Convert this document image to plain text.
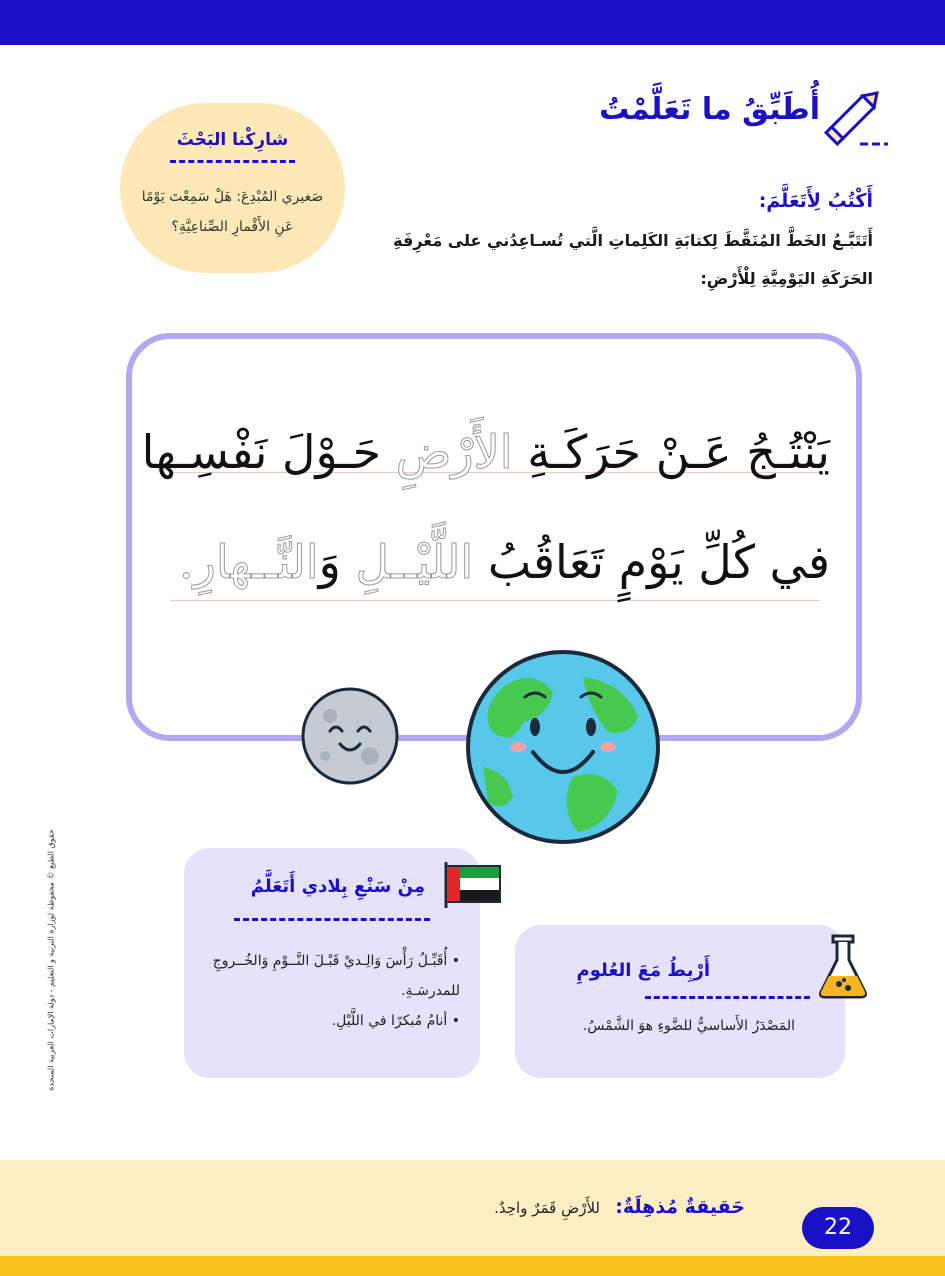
أُطَبِّقُ ما تَعَلَّمْتُ
شارِكْنا البَحْثَ
صَغيري المُبْدِعَ: هَلْ سَمِعْتَ يَوْمًا عَنِ الأَقْمارِ الصِّناعِيَّةِ؟
أَكْتُبُ لِأَتَعَلَّمَ:
أَتَتَبَّـعُ الخَطَّ المُنَقَّطَ لِكتابَةِ الكَلِماتِ الَّتي تُسـاعِدُني على مَعْرِفَةِ الحَرَكَةِ اليَوْمِيَّةِ لِلْأَرْضِ:
يَنْتُـجُ عَـنْ حَرَكَـةِ الأَرْضِ حَـوْلَ نَفْسِـها
في كُلِّ يَوْمٍ تَعَاقُبُ اللَّيْــلِ وَالنَّــهارِ.
حقوق الطبع © محفوظة لوزارة التربية و التعليم - دولة الإمارات العربية المتحدة	مِنْ سَنْعِ بِلادي أَتَعَلَّمُ
• أُقَبِّـلُ رَأْسَ وَالِـديْ قَبْـلَ النَّــوْمِ وَالخُــروجِ للمدرسَـةِ.
• أنامُ مُبكرًا في اللَّيْلِ.
أَرْبِطُ مَعَ العُلومِ
المَصْدَرُ الأَساسيُّ للضَّوءِ هوَ الشَّمْسُ.
حَقيقةٌ مُذهِلَةٌ:
للأَرْضِ قَمَرٌ واحِدٌ.
22
